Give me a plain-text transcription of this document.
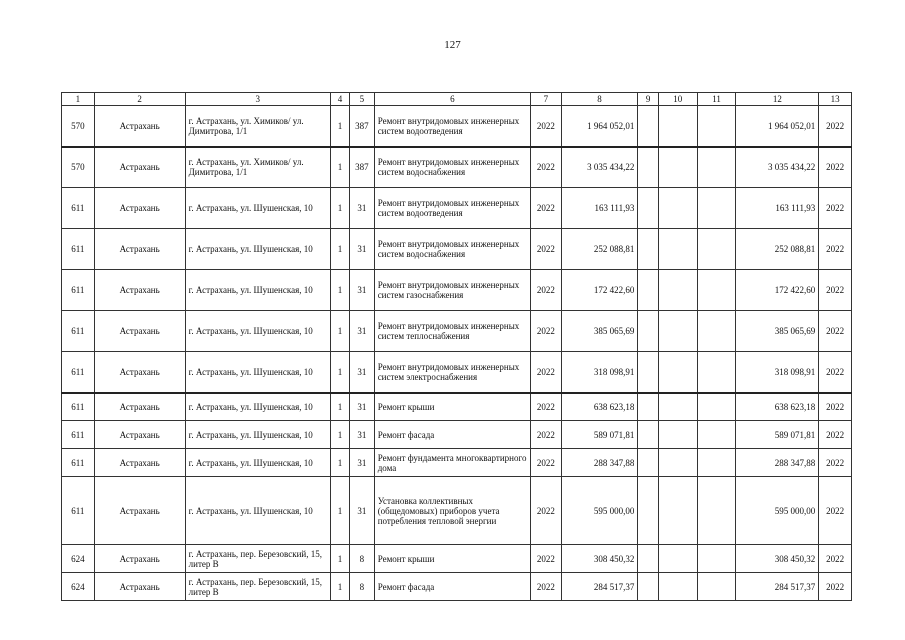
127
1	2	3	4	5	6	7	8	9	10	11	12	13
570	Астрахань	г. Астрахань, ул. Химиков/ ул. Димитрова, 1/1	1	387	Ремонт внутридомовых инженерных систем водоотведения	2022	1 964 052,01				1 964 052,01	2022
570	Астрахань	г. Астрахань, ул. Химиков/ ул. Димитрова, 1/1	1	387	Ремонт внутридомовых инженерных систем водоснабжения	2022	3 035 434,22				3 035 434,22	2022
611	Астрахань	г. Астрахань, ул. Шушенская, 10	1	31	Ремонт внутридомовых инженерных систем водоотведения	2022	163 111,93				163 111,93	2022
611	Астрахань	г. Астрахань, ул. Шушенская, 10	1	31	Ремонт внутридомовых инженерных систем водоснабжения	2022	252 088,81				252 088,81	2022
611	Астрахань	г. Астрахань, ул. Шушенская, 10	1	31	Ремонт внутридомовых инженерных систем газоснабжения	2022	172 422,60				172 422,60	2022
611	Астрахань	г. Астрахань, ул. Шушенская, 10	1	31	Ремонт внутридомовых инженерных систем теплоснабжения	2022	385 065,69				385 065,69	2022
611	Астрахань	г. Астрахань, ул. Шушенская, 10	1	31	Ремонт внутридомовых инженерных систем электроснабжения	2022	318 098,91				318 098,91	2022
611	Астрахань	г. Астрахань, ул. Шушенская, 10	1	31	Ремонт крыши	2022	638 623,18				638 623,18	2022
611	Астрахань	г. Астрахань, ул. Шушенская, 10	1	31	Ремонт фасада	2022	589 071,81				589 071,81	2022
611	Астрахань	г. Астрахань, ул. Шушенская, 10	1	31	Ремонт фундамента многоквартирного дома	2022	288 347,88				288 347,88	2022
611	Астрахань	г. Астрахань, ул. Шушенская, 10	1	31	Установка коллективных (общедомовых) приборов учета потребления тепловой энергии	2022	595 000,00				595 000,00	2022
624	Астрахань	г. Астрахань, пер. Березовский, 15, литер В	1	8	Ремонт крыши	2022	308 450,32				308 450,32	2022
624	Астрахань	г. Астрахань, пер. Березовский, 15, литер В	1	8	Ремонт фасада	2022	284 517,37				284 517,37	2022
